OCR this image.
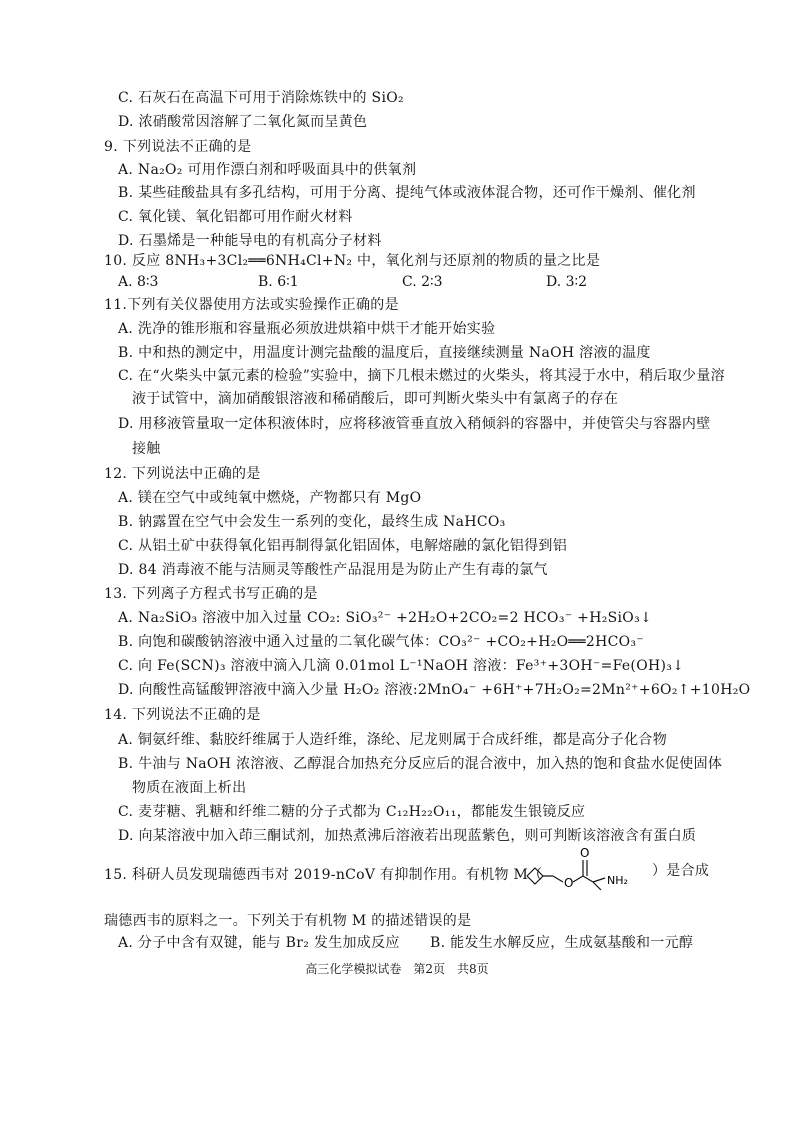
C. 石灰石在高温下可用于消除炼铁中的 SiO₂
D. 浓硝酸常因溶解了二氧化氮而呈黄色
9. 下列说法不正确的是
A. Na₂O₂ 可用作漂白剂和呼吸面具中的供氧剂
B. 某些硅酸盐具有多孔结构，可用于分离、提纯气体或液体混合物，还可作干燥剂、催化剂
C. 氧化镁、氧化铝都可用作耐火材料
D. 石墨烯是一种能导电的有机高分子材料
10. 反应 8NH₃+3Cl₂══6NH₄Cl+N₂ 中，氧化剂与还原剂的物质的量之比是
A. 8∶3	B. 6∶1	C. 2∶3	D. 3∶2
11.下列有关仪器使用方法或实验操作正确的是
A. 洗净的锥形瓶和容量瓶必须放进烘箱中烘干才能开始实验
B. 中和热的测定中，用温度计测完盐酸的温度后，直接继续测量 NaOH 溶液的温度
C. 在“火柴头中氯元素的检验”实验中，摘下几根未燃过的火柴头，将其浸于水中，稍后取少量溶
液于试管中，滴加硝酸银溶液和稀硝酸后，即可判断火柴头中有氯离子的存在
D. 用移液管量取一定体积液体时，应将移液管垂直放入稍倾斜的容器中，并使管尖与容器内壁
接触
12. 下列说法中正确的是
A. 镁在空气中或纯氧中燃烧，产物都只有 MgO
B. 钠露置在空气中会发生一系列的变化，最终生成 NaHCO₃
C. 从铝土矿中获得氧化铝再制得氯化铝固体，电解熔融的氯化铝得到铝
D. 84 消毒液不能与洁厕灵等酸性产品混用是为防止产生有毒的氯气
13. 下列离子方程式书写正确的是
A. Na₂SiO₃ 溶液中加入过量 CO₂: SiO₃²⁻ +2H₂O+2CO₂=2 HCO₃⁻ +H₂SiO₃↓
B. 向饱和碳酸钠溶液中通入过量的二氧化碳气体：CO₃²⁻ +CO₂+H₂O══2HCO₃⁻
C. 向 Fe(SCN)₃ 溶液中滴入几滴 0.01mol L⁻¹NaOH 溶液：Fe³⁺+3OH⁻=Fe(OH)₃↓
D. 向酸性高锰酸钾溶液中滴入少量 H₂O₂ 溶液:2MnO₄⁻ +6H⁺+7H₂O₂=2Mn²⁺+6O₂↑+10H₂O
14. 下列说法不正确的是
A. 铜氨纤维、黏胶纤维属于人造纤维，涤纶、尼龙则属于合成纤维，都是高分子化合物
B. 牛油与 NaOH 浓溶液、乙醇混合加热充分反应后的混合液中，加入热的饱和食盐水促使固体
物质在液面上析出
C. 麦芽糖、乳糖和纤维二糖的分子式都为 C₁₂H₂₂O₁₁，都能发生银镜反应
D. 向某溶液中加入茚三酮试剂，加热煮沸后溶液若出现蓝紫色，则可判断该溶液含有蛋白质
15. 科研人员发现瑞德西韦对 2019-nCoV 有抑制作用。有机物 M（
O
O	NH₂
）是合成
瑞德西韦的原料之一。下列关于有机物 M 的描述错误的是
A. 分子中含有双键，能与 Br₂ 发生加成反应 B. 能发生水解反应，生成氨基酸和一元醇
高三化学模拟试卷　第2页　共8页
